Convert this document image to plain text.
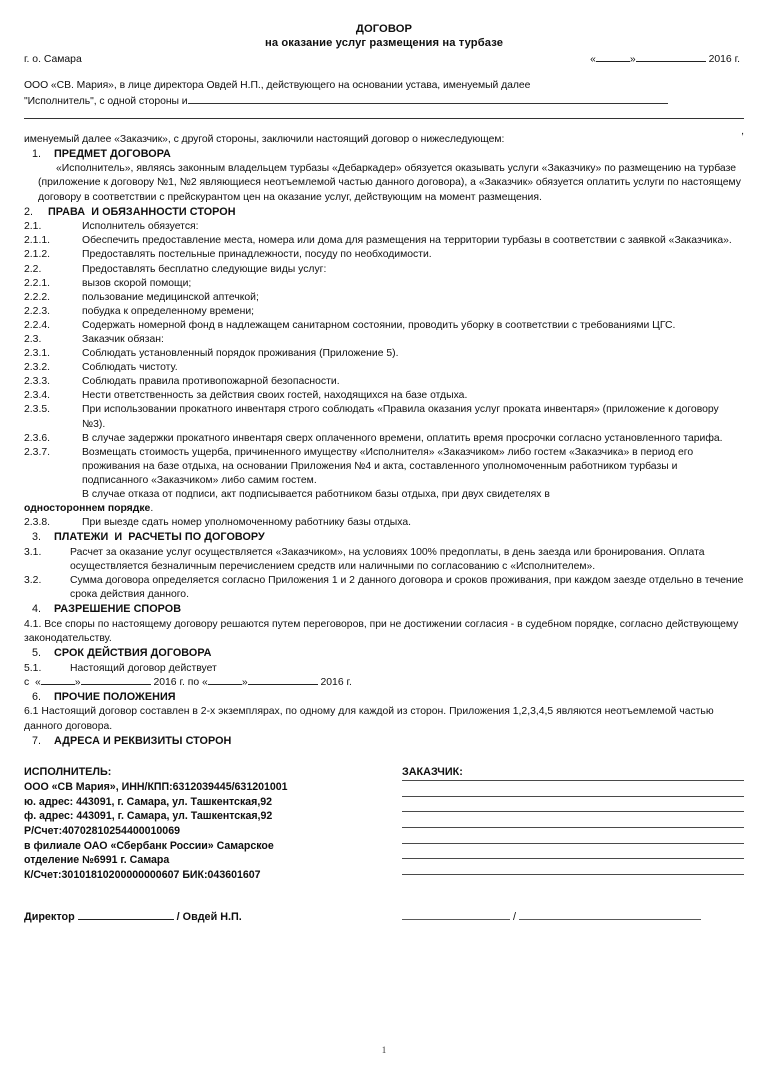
ДОГОВОР
на оказание услуг размещения на турбазе
г. о. Самара	«	»	2016 г.

ООО «СВ. Мария», в лице директора Овдей Н.П., действующего на основании устава, именуемый далее

"Исполнитель", с одной стороны и

,

именуемый далее «Заказчик», с другой стороны, заключили настоящий договор о нижеследующем:

1.	ПРЕДМЕТ ДОГОВОРА

«Исполнитель», являясь законным владельцем турбазы «Дебаркадер» обязуется оказывать услуги «Заказчику» по размещению на турбазе (приложение к договору №1, №2 являющиеся неотъемлемой частью данного договора), а «Заказчик» обязуется оплатить услуги по настоящему договору в соответствии с прейскурантом цен на оказание услуг, действующим на момент размещения.

2.	ПРАВА  И ОБЯЗАННОСТИ СТОРОН
2.1.	Исполнитель обязуется:
2.1.1.	Обеспечить предоставление места, номера или дома для размещения на территории турбазы в соответствии с заявкой «Заказчика».
2.1.2.	Предоставлять постельные принадлежности, посуду по необходимости.
2.2.	Предоставлять бесплатно следующие виды услуг:
2.2.1.	вызов скорой помощи;
2.2.2.	пользование медицинской аптечкой;
2.2.3.	побудка к определенному времени;
2.2.4.	Содержать номерной фонд в надлежащем санитарном состоянии, проводить уборку в соответствии с требованиями ЦГС.
2.3.	Заказчик обязан:
2.3.1.	Соблюдать установленный порядок проживания (Приложение 5).
2.3.2.	Соблюдать чистоту.
2.3.3.	Соблюдать правила противопожарной безопасности.
2.3.4.	Нести ответственность за действия своих гостей, находящихся на базе отдыха.
2.3.5.	При использовании прокатного инвентаря строго соблюдать «Правила оказания услуг проката инвентаря» (приложение к договору №3).
2.3.6.	В случае задержки прокатного инвентаря сверх оплаченного времени, оплатить время просрочки согласно установленного тарифа.
2.3.7.	Возмещать стоимость ущерба, причиненного имуществу «Исполнителя» «Заказчиком» либо гостем «Заказчика» в период его проживания на базе отдыха, на основании Приложения №4 и акта, составленного уполномоченным работником турбазы и подписанного «Заказчиком» либо самим гостем.
В случае отказа от подписи, акт подписывается работником базы отдыха, при двух свидетелях в
одностороннем порядке.
2.3.8.	При выезде сдать номер уполномоченному работнику базы отдыха.
3.	ПЛАТЕЖИ  И  РАСЧЕТЫ ПО ДОГОВОРУ
3.1.	Расчет за оказание услуг осуществляется «Заказчиком», на условиях 100% предоплаты, в день заезда или бронирования. Оплата осуществляется безналичным перечислением средств или наличными по согласованию с «Исполнителем».
3.2.	Сумма договора определяется согласно Приложения 1 и 2 данного договора и сроков проживания, при каждом заезде отдельно в течение срока действия данного.
4.	РАЗРЕШЕНИЕ СПОРОВ

4.1. Все споры по настоящему договору решаются путем переговоров, при не достижении согласия - в судебном порядке, согласно действующему законодательству.

5.	СРОК ДЕЙСТВИЯ ДОГОВОРА
5.1.	Настоящий договор действует
с «	»	2016 г. по «	»	2016 г.
6.	ПРОЧИЕ ПОЛОЖЕНИЯ

6.1 Настоящий договор составлен в 2-х экземплярах, по одному для каждой из сторон. Приложения 1,2,3,4,5 являются неотъемлемой частью данного договора.

7.	АДРЕСА И РЕКВИЗИТЫ СТОРОН
ИСПОЛНИТЕЛЬ:
ООО «СВ Мария», ИНН/КПП:6312039445/631201001
ю. адрес: 443091, г. Самара, ул. Ташкентская,92
ф. адрес: 443091, г. Самара, ул. Ташкентская,92
Р/Счет:40702810254400010069
в филиале ОАО «Сбербанк России» Самарское
отделение №6991 г. Самара
К/Счет:30101810200000000607 БИК:043601607
ЗАКАЗЧИК:
Директор	/ Овдей Н.П.	/
1
